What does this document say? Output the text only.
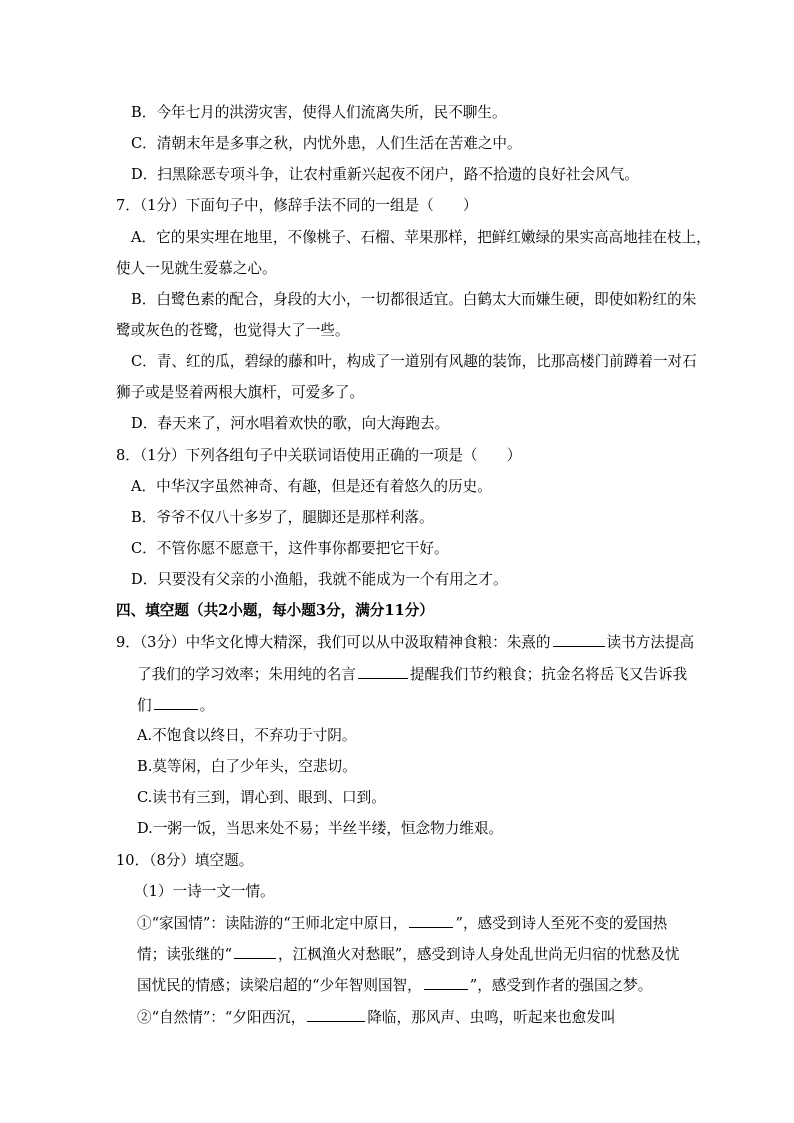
B．今年七月的洪涝灾害，使得人们流离失所，民不聊生。
C．清朝末年是多事之秋，内忧外患，人们生活在苦难之中。
D．扫黑除恶专项斗争，让农村重新兴起夜不闭户，路不拾遗的良好社会风气。
7．（1分）下面句子中，修辞手法不同的一组是（　　）
A．它的果实埋在地里，不像桃子、石榴、苹果那样，把鲜红嫩绿的果实高高地挂在枝上，
使人一见就生爱慕之心。
B．白鹭色素的配合，身段的大小，一切都很适宜。白鹤太大而嫌生硬，即使如粉红的朱
鹭或灰色的苍鹭，也觉得大了一些。
C．青、红的瓜，碧绿的藤和叶，构成了一道别有风趣的装饰，比那高楼门前蹲着一对石
狮子或是竖着两根大旗杆，可爱多了。
D．春天来了，河水唱着欢快的歌，向大海跑去。
8．（1分）下列各组句子中关联词语使用正确的一项是（　　）
A．中华汉字虽然神奇、有趣，但是还有着悠久的历史。
B．爷爷不仅八十多岁了，腿脚还是那样利落。
C．不管你愿不愿意干，这件事你都要把它干好。
D．只要没有父亲的小渔船，我就不能成为一个有用之才。
四、填空题（共2小题，每小题3分，满分11分）
9．（3分）中华文化博大精深，我们可以从中汲取精神食粮：朱熹的	读书方法提高
了我们的学习效率；朱用纯的名言	提醒我们节约粮食；抗金名将岳飞又告诉我
们	。
A.不饱食以终日，不弃功于寸阴。
B.莫等闲，白了少年头，空悲切。
C.读书有三到，谓心到、眼到、口到。
D.一粥一饭，当思来处不易；半丝半缕，恒念物力维艰。
10．（8分）填空题。
（1）一诗一文一情。
①“家国情”：读陆游的“王师北定中原日，	”，感受到诗人至死不变的爱国热
情；读张继的“	，江枫渔火对愁眠”，感受到诗人身处乱世尚无归宿的忧愁及忧
国忧民的情感；读梁启超的“少年智则国智，	”，感受到作者的强国之梦。
②“自然情”：“夕阳西沉，	降临，那风声、虫鸣，听起来也愈发叫
